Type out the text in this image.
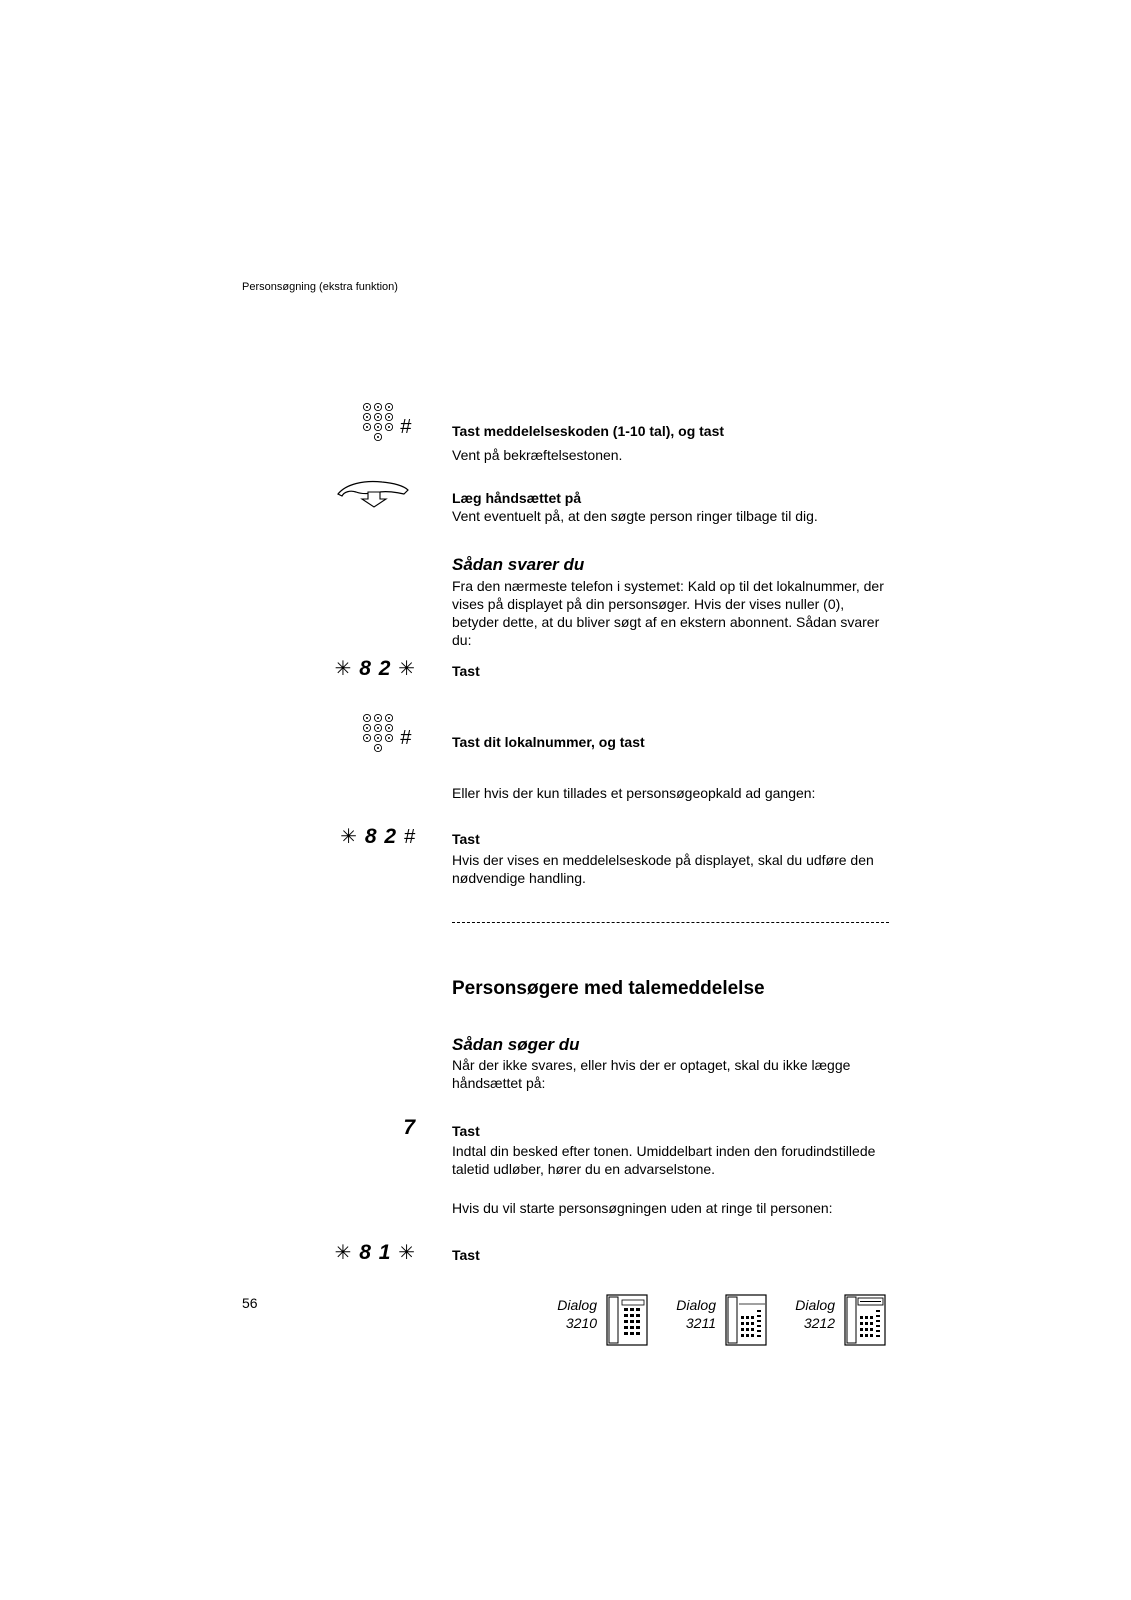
Personsøgning (ekstra funktion)
#	Tast meddelelseskoden (1-10 tal), og tast
Vent på bekræftelsestonen.
Læg håndsættet på
Vent eventuelt på, at den søgte person ringer tilbage til dig.
Sådan svarer du
Fra den nærmeste telefon i systemet: Kald op til det lokalnummer, der vises på displayet på din personsøger. Hvis der vises nuller (0), betyder dette, at du bliver søgt af en ekstern abonnent. Sådan svarer du:
✳ 8 2 ✳	Tast
#	Tast dit lokalnummer, og tast
Eller hvis der kun tillades et personsøgeopkald ad gangen:
✳ 8 2 #	Tast
Hvis der vises en meddelelseskode på displayet, skal du udføre den nødvendige handling.
Personsøgere med talemeddelelse
Sådan søger du
Når der ikke svares, eller hvis der er optaget, skal du ikke lægge håndsættet på:
7	Tast
Indtal din besked efter tonen. Umiddelbart inden den forudindstillede taletid udløber, hører du en advarselstone.
Hvis du vil starte personsøgningen uden at ringe til personen:
✳ 8 1 ✳	Tast
56	Dialog
3210
Dialog
3211
Dialog
3212
